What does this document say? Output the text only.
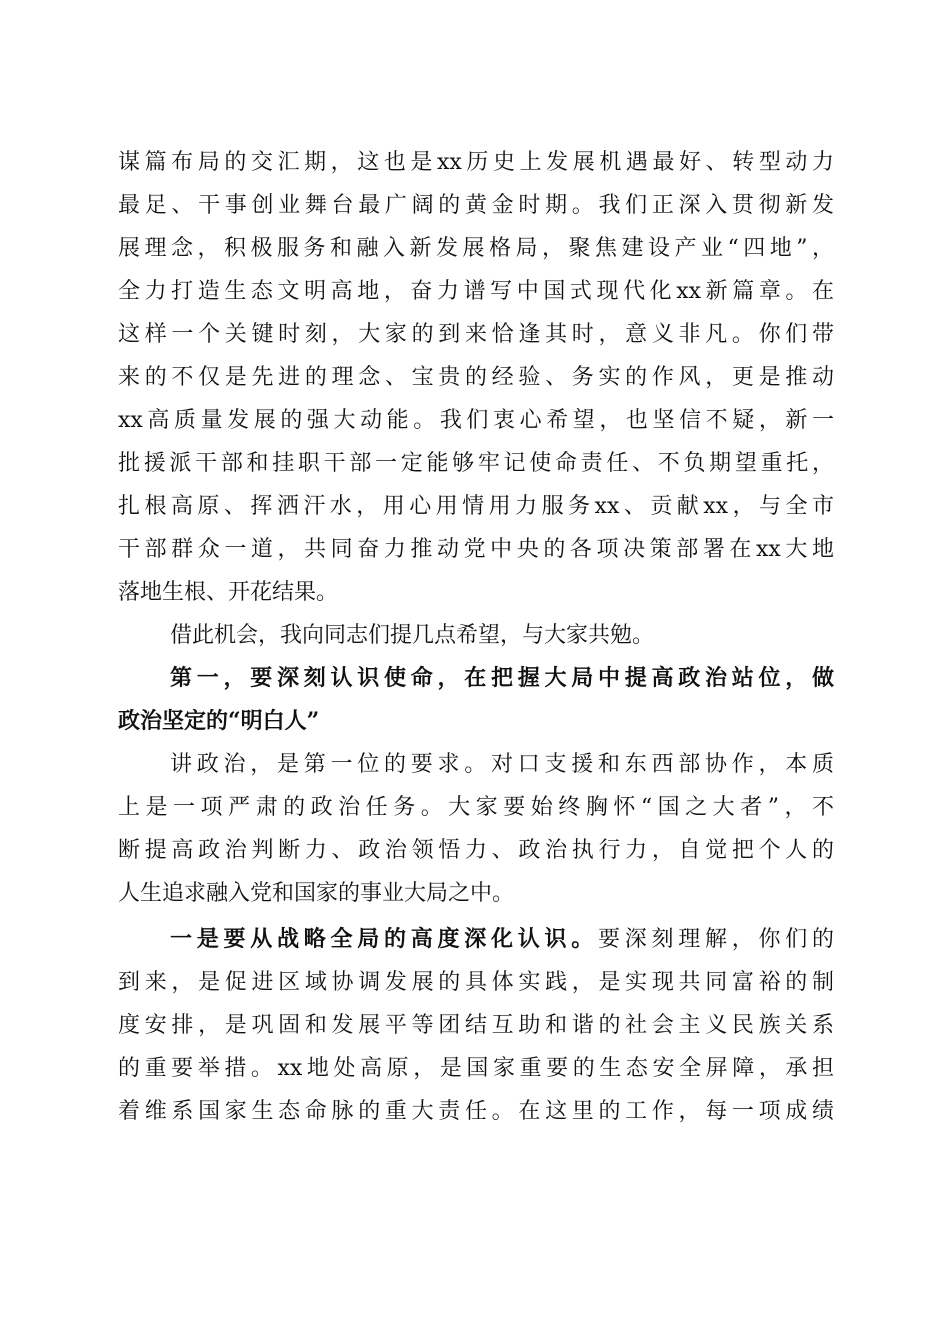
谋篇布局的交汇期，这也是xx历史上发展机遇最好、转型动力
最足、干事创业舞台最广阔的黄金时期。我们正深入贯彻新发
展理念，积极服务和融入新发展格局，聚焦建设产业“四地”，
全力打造生态文明高地，奋力谱写中国式现代化xx新篇章。在
这样一个关键时刻，大家的到来恰逢其时，意义非凡。你们带
来的不仅是先进的理念、宝贵的经验、务实的作风，更是推动
xx高质量发展的强大动能。我们衷心希望，也坚信不疑，新一
批援派干部和挂职干部一定能够牢记使命责任、不负期望重托，
扎根高原、挥洒汗水，用心用情用力服务xx、贡献xx，与全市
干部群众一道，共同奋力推动党中央的各项决策部署在xx大地
落地生根、开花结果。
借此机会，我向同志们提几点希望，与大家共勉。
第一，要深刻认识使命，在把握大局中提高政治站位，做
政治坚定的“明白人”
讲政治，是第一位的要求。对口支援和东西部协作，本质
上是一项严肃的政治任务。大家要始终胸怀“国之大者”，不
断提高政治判断力、政治领悟力、政治执行力，自觉把个人的
人生追求融入党和国家的事业大局之中。
一是要从战略全局的高度深化认识。要深刻理解，你们的
到来，是促进区域协调发展的具体实践，是实现共同富裕的制
度安排，是巩固和发展平等团结互助和谐的社会主义民族关系
的重要举措。xx地处高原，是国家重要的生态安全屏障，承担
着维系国家生态命脉的重大责任。在这里的工作，每一项成绩
